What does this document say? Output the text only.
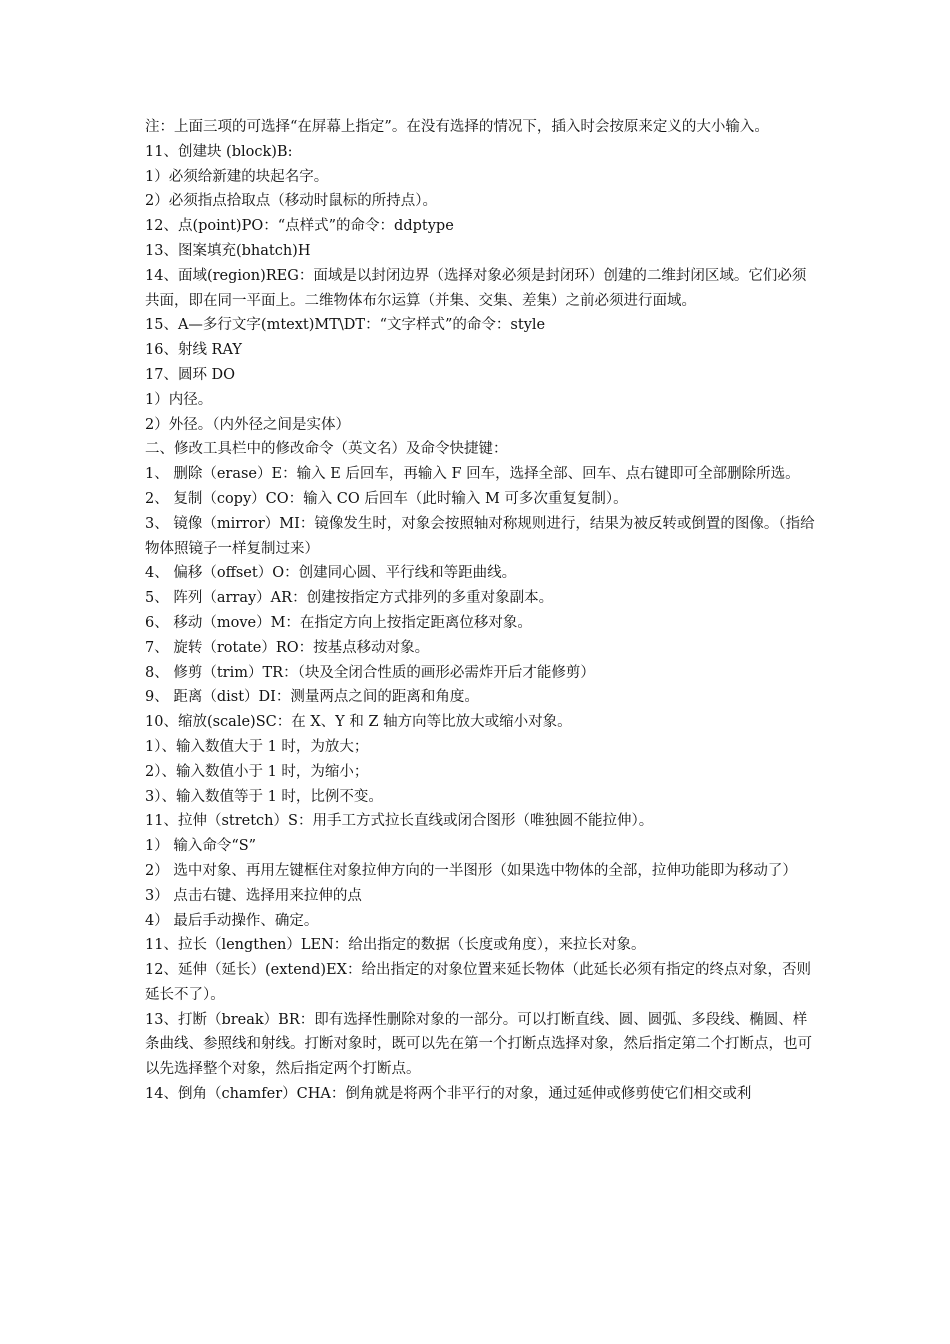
注：上面三项的可选择“在屏幕上指定”。在没有选择的情况下，插入时会按原来定义的大小输入。

11、创建块 (block)B:

1）必须给新建的块起名字。

2）必须指点拾取点（移动时鼠标的所持点）。

12、点(point)PO：“点样式”的命令：ddptype

13、图案填充(bhatch)H

14、面域(region)REG：面域是以封闭边界（选择对象必须是封闭环）创建的二维封闭区域。它们必须共面，即在同一平面上。二维物体布尔运算（并集、交集、差集）之前必须进行面域。

15、A—多行文字(mtext)MT\DT：“文字样式”的命令：style

16、射线 RAY

17、圆环 DO

1）内径。

2）外径。（内外径之间是实体）

二、修改工具栏中的修改命令（英文名）及命令快捷键：

1、 删除（erase）E：输入 E 后回车，再输入 F 回车，选择全部、回车、点右键即可全部删除所选。

2、 复制（copy）CO：输入 CO 后回车（此时输入 M 可多次重复复制）。

3、 镜像（mirror）MI：镜像发生时，对象会按照轴对称规则进行，结果为被反转或倒置的图像。（指给物体照镜子一样复制过来）

4、 偏移（offset）O：创建同心圆、平行线和等距曲线。

5、 阵列（array）AR：创建按指定方式排列的多重对象副本。

6、 移动（move）M：在指定方向上按指定距离位移对象。

7、 旋转（rotate）RO：按基点移动对象。

8、 修剪（trim）TR：（块及全闭合性质的画形必需炸开后才能修剪）

9、 距离（dist）DI：测量两点之间的距离和角度。

10、缩放(scale)SC：在 X、Y 和 Z 轴方向等比放大或缩小对象。

1）、输入数值大于 1 时，为放大；

2）、输入数值小于 1 时，为缩小；

3）、输入数值等于 1 时，比例不变。

11、拉伸（stretch）S：用手工方式拉长直线或闭合图形（唯独圆不能拉伸）。

1） 输入命令“S”

2） 选中对象、再用左键框住对象拉伸方向的一半图形（如果选中物体的全部，拉伸功能即为移动了）

3） 点击右键、选择用来拉伸的点

4） 最后手动操作、确定。

11、拉长（lengthen）LEN：给出指定的数据（长度或角度），来拉长对象。

12、延伸（延长）(extend)EX：给出指定的对象位置来延长物体（此延长必须有指定的终点对象，否则延长不了）。

13、打断（break）BR：即有选择性删除对象的一部分。可以打断直线、圆、圆弧、多段线、椭圆、样条曲线、参照线和射线。打断对象时，既可以先在第一个打断点选择对象，然后指定第二个打断点，也可以先选择整个对象，然后指定两个打断点。

14、倒角（chamfer）CHA：倒角就是将两个非平行的对象，通过延伸或修剪使它们相交或利
